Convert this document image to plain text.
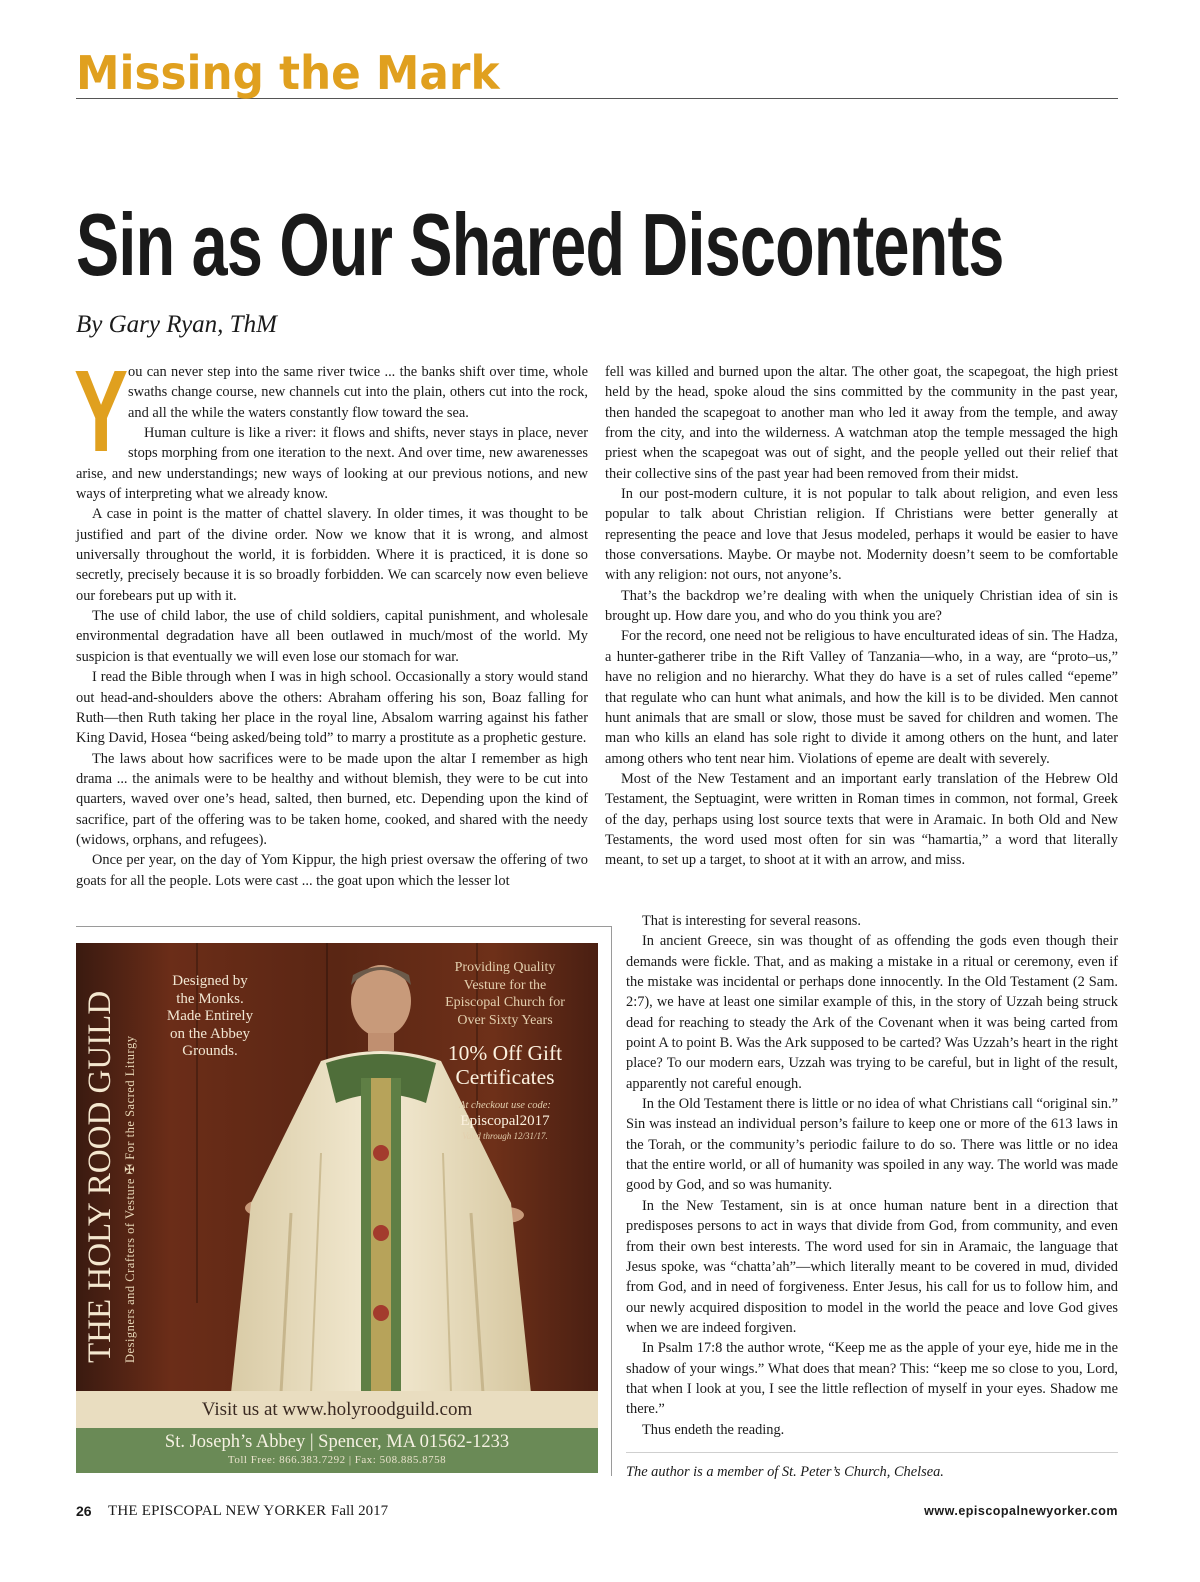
Missing the Mark
Sin as Our Shared Discontents

By Gary Ryan, ThM

Y ou can never step into the same river twice ... the banks shift over time, whole swaths change course, new channels cut into the plain, others cut into the rock, and all the while the waters constantly flow toward the sea.

Human culture is like a river: it flows and shifts, never stays in place, never stops morphing from one iteration to the next. And over time, new awarenesses arise, and new understandings; new ways of looking at our previous notions, and new ways of interpreting what we already know.

A case in point is the matter of chattel slavery. In older times, it was thought to be justified and part of the divine order. Now we know that it is wrong, and almost universally throughout the world, it is forbidden. Where it is practiced, it is done so secretly, precisely because it is so broadly forbidden. We can scarcely now even believe our forebears put up with it.

The use of child labor, the use of child soldiers, capital punishment, and wholesale environmental degradation have all been outlawed in much/most of the world. My suspicion is that eventually we will even lose our stomach for war.

I read the Bible through when I was in high school. Occasionally a story would stand out head-and-shoulders above the others: Abraham offering his son, Boaz falling for Ruth—then Ruth taking her place in the royal line, Absalom warring against his father King David, Hosea “being asked/being told” to marry a prostitute as a prophetic gesture.

The laws about how sacrifices were to be made upon the altar I remember as high drama ... the animals were to be healthy and without blemish, they were to be cut into quarters, waved over one’s head, salted, then burned, etc. Depending upon the kind of sacrifice, part of the offering was to be taken home, cooked, and shared with the needy (widows, orphans, and refugees).

Once per year, on the day of Yom Kippur, the high priest oversaw the offering of two goats for all the people. Lots were cast ... the goat upon which the lesser lot

fell was killed and burned upon the altar. The other goat, the scapegoat, the high priest held by the head, spoke aloud the sins committed by the community in the past year, then handed the scapegoat to another man who led it away from the temple, and away from the city, and into the wilderness. A watchman atop the temple messaged the high priest when the scapegoat was out of sight, and the people yelled out their relief that their collective sins of the past year had been removed from their midst.

In our post-modern culture, it is not popular to talk about religion, and even less popular to talk about Christian religion. If Christians were better generally at representing the peace and love that Jesus modeled, perhaps it would be easier to have those conversations. Maybe. Or maybe not. Modernity doesn’t seem to be comfortable with any religion: not ours, not anyone’s.

That’s the backdrop we’re dealing with when the uniquely Christian idea of sin is brought up. How dare you, and who do you think you are?

For the record, one need not be religious to have enculturated ideas of sin. The Hadza, a hunter-gatherer tribe in the Rift Valley of Tanzania—who, in a way, are “proto–us,” have no religion and no hierarchy. What they do have is a set of rules called “epeme” that regulate who can hunt what animals, and how the kill is to be divided. Men cannot hunt animals that are small or slow, those must be saved for children and women. The man who kills an eland has sole right to divide it among others on the hunt, and later among others who tent near him. Violations of epeme are dealt with severely.

Most of the New Testament and an important early translation of the Hebrew Old Testament, the Septuagint, were written in Roman times in common, not formal, Greek of the day, perhaps using lost source texts that were in Aramaic. In both Old and New Testaments, the word used most often for sin was “hamartia,” a word that literally meant, to set up a target, to shoot at it with an arrow, and miss.

That is interesting for several reasons.

In ancient Greece, sin was thought of as offending the gods even though their demands were fickle. That, and as making a mistake in a ritual or ceremony, even if the mistake was incidental or perhaps done innocently. In the Old Testament (2 Sam. 2:7), we have at least one similar example of this, in the story of Uzzah being struck dead for reaching to steady the Ark of the Covenant when it was being carted from point A to point B. Was the Ark supposed to be carted? Was Uzzah’s heart in the right place? To our modern ears, Uzzah was trying to be careful, but in light of the result, apparently not careful enough.

In the Old Testament there is little or no idea of what Christians call “original sin.” Sin was instead an individual person’s failure to keep one or more of the 613 laws in the Torah, or the community’s periodic failure to do so. There was little or no idea that the entire world, or all of humanity was spoiled in any way. The world was made good by God, and so was humanity.

In the New Testament, sin is at once human nature bent in a direction that predisposes persons to act in ways that divide from God, from community, and even from their own best interests. The word used for sin in Aramaic, the language that Jesus spoke, was “chatta’ah”—which literally meant to be covered in mud, divided from God, and in need of forgiveness. Enter Jesus, his call for us to follow him, and our newly acquired disposition to model in the world the peace and love God gives when we are indeed forgiven.

In Psalm 17:8 the author wrote, “Keep me as the apple of your eye, hide me in the shadow of your wings.” What does that mean? This: “keep me so close to you, Lord, that when I look at you, I see the little reflection of myself in your eyes. Shadow me there.”

Thus endeth the reading.

The author is a member of St. Peter’s Church, Chelsea.

THE HOLY ROOD GUILD Designers and Crafters of Vesture ✠ For the Sacred Liturgy
Designed by
the Monks.
Made Entirely
on the Abbey
Grounds.
Providing Quality
Vesture for the
Episcopal Church for
Over Sixty Years
10% Off Gift
Certificates
At checkout use code:
Episcopal2017
Valid through 12/31/17.
Visit us at www.holyroodguild.com
St. Joseph’s Abbey | Spencer, MA 01562-1233
Toll Free: 866.383.7292 | Fax: 508.885.8758
26 THE EPISCOPAL NEW YORKER Fall 2017	www.episcopalnewyorker.com
